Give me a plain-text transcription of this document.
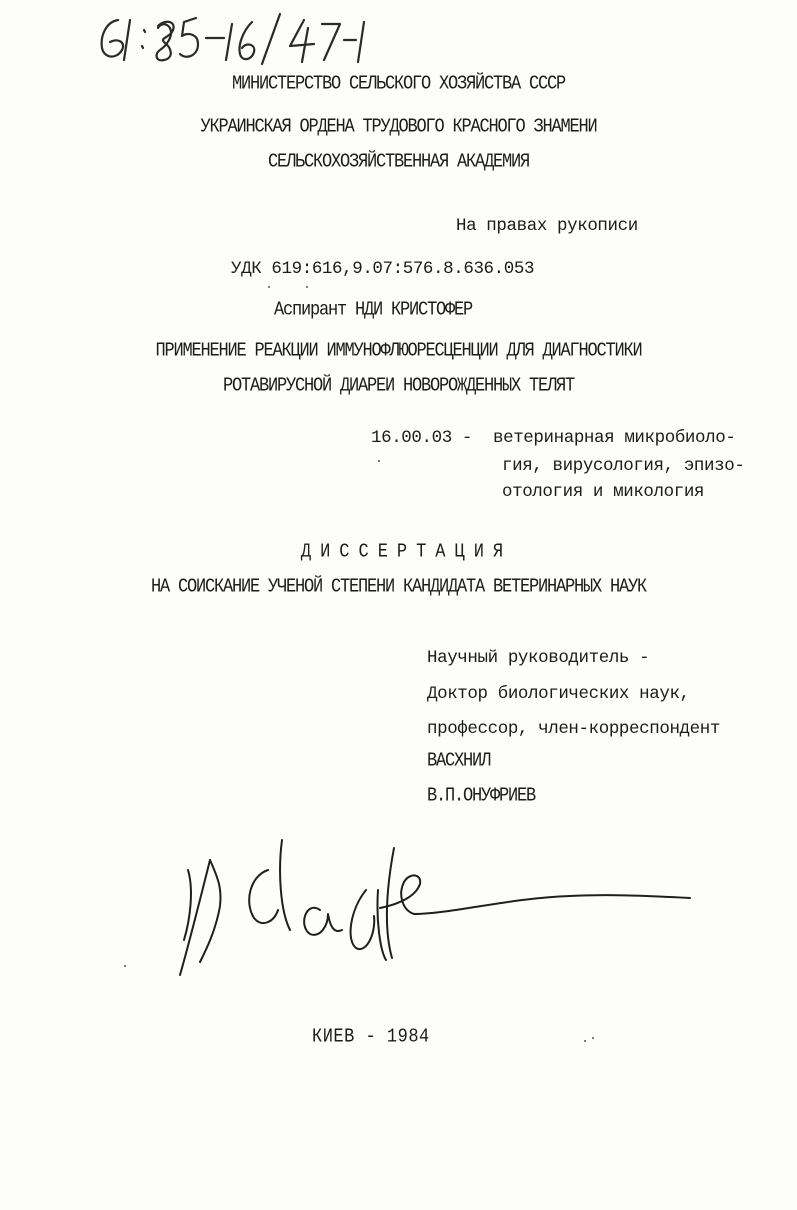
МИНИСТЕРСТВО СЕЛЬСКОГО ХОЗЯЙСТВА СССР
УКРАИНСКАЯ ОРДЕНА ТРУДОВОГО КРАСНОГО ЗНАМЕНИ
СЕЛЬСКОХОЗЯЙСТВЕННАЯ АКАДЕМИЯ
На правах рукописи
УДК 619:616,9.07:576.8.636.053
Аспирант НДИ КРИСТОФЕР
ПРИМЕНЕНИЕ РЕАКЦИИ ИММУНОФЛЮОРЕСЦЕНЦИИ ДЛЯ ДИАГНОСТИКИ
РОТАВИРУСНОЙ ДИАРЕИ НОВОРОЖДЕННЫХ ТЕЛЯТ
16.00.03 - ветеринарная микробиоло-
гия, вирусология, эпизо-
отология и микология
ДИССЕРТАЦИЯ
НА СОИСКАНИЕ УЧЕНОЙ СТЕПЕНИ КАНДИДАТА ВЕТЕРИНАРНЫХ НАУК
Научный руководитель -
Доктор биологических наук,
профессор, член-корреспондент
ВАСХНИЛ
В.П.ОНУФРИЕВ
КИЕВ - 1984
